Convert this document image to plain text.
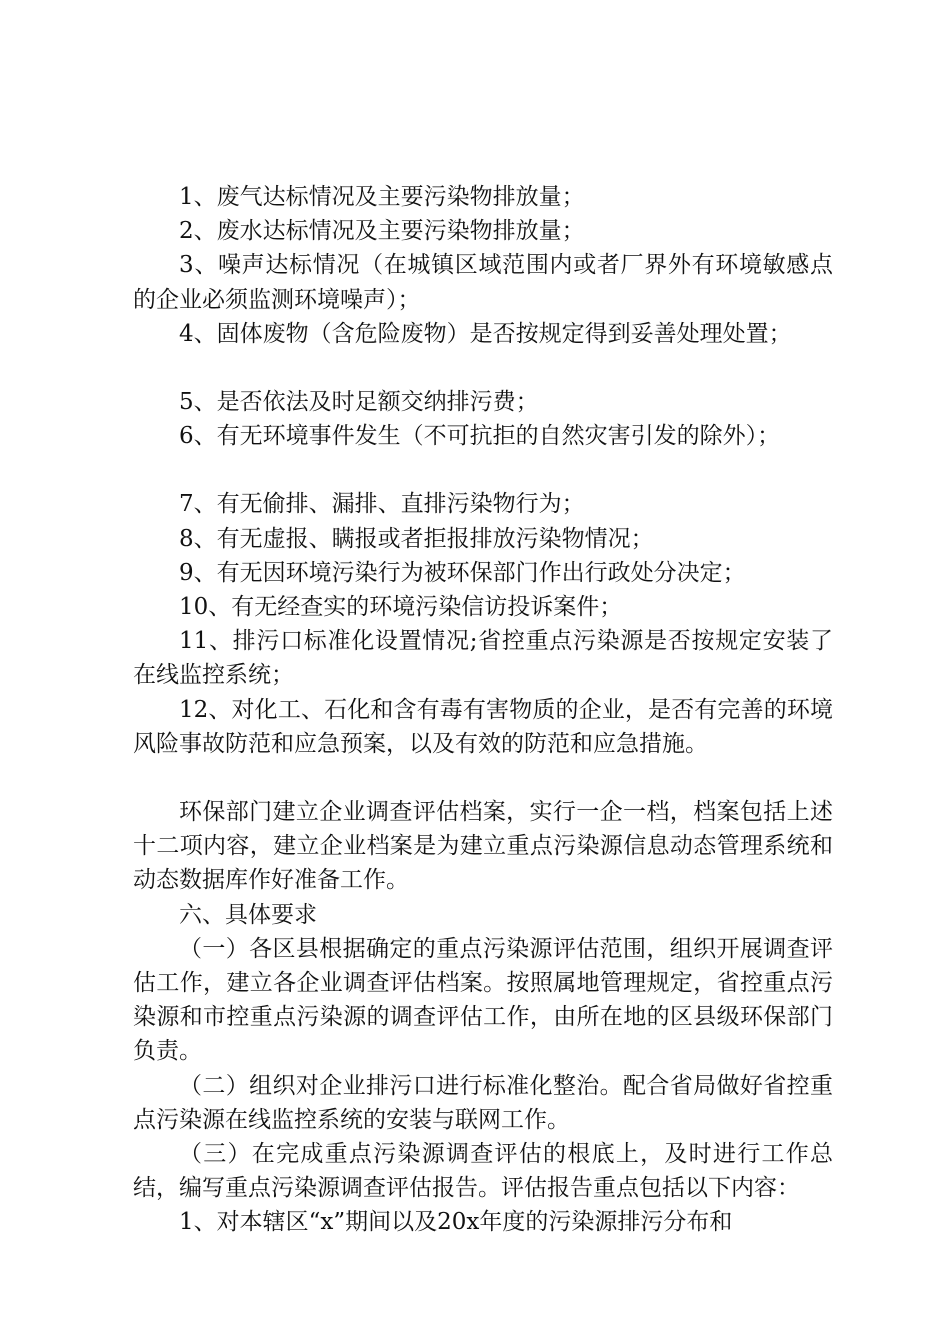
1、废气达标情况及主要污染物排放量；

2、废水达标情况及主要污染物排放量；

3、噪声达标情况（在城镇区域范围内或者厂界外有环境敏感点的企业必须监测环境噪声）；

4、固体废物（含危险废物）是否按规定得到妥善处理处置；

5、是否依法及时足额交纳排污费；

6、有无环境事件发生（不可抗拒的自然灾害引发的除外）；

7、有无偷排、漏排、直排污染物行为；

8、有无虚报、瞒报或者拒报排放污染物情况；

9、有无因环境污染行为被环保部门作出行政处分决定；

10、有无经查实的环境污染信访投诉案件；

11、排污口标准化设置情况;省控重点污染源是否按规定安装了在线监控系统；

12、对化工、石化和含有毒有害物质的企业，是否有完善的环境风险事故防范和应急预案，以及有效的防范和应急措施。

环保部门建立企业调查评估档案，实行一企一档，档案包括上述十二项内容，建立企业档案是为建立重点污染源信息动态管理系统和动态数据库作好准备工作。

六、具体要求

（一）各区县根据确定的重点污染源评估范围，组织开展调查评估工作，建立各企业调查评估档案。按照属地管理规定，省控重点污染源和市控重点污染源的调查评估工作，由所在地的区县级环保部门负责。

（二）组织对企业排污口进行标准化整治。配合省局做好省控重点污染源在线监控系统的安装与联网工作。

（三）在完成重点污染源调查评估的根底上，及时进行工作总结，编写重点污染源调查评估报告。评估报告重点包括以下内容：

1、对本辖区“x”期间以及20x年度的污染源排污分布和
